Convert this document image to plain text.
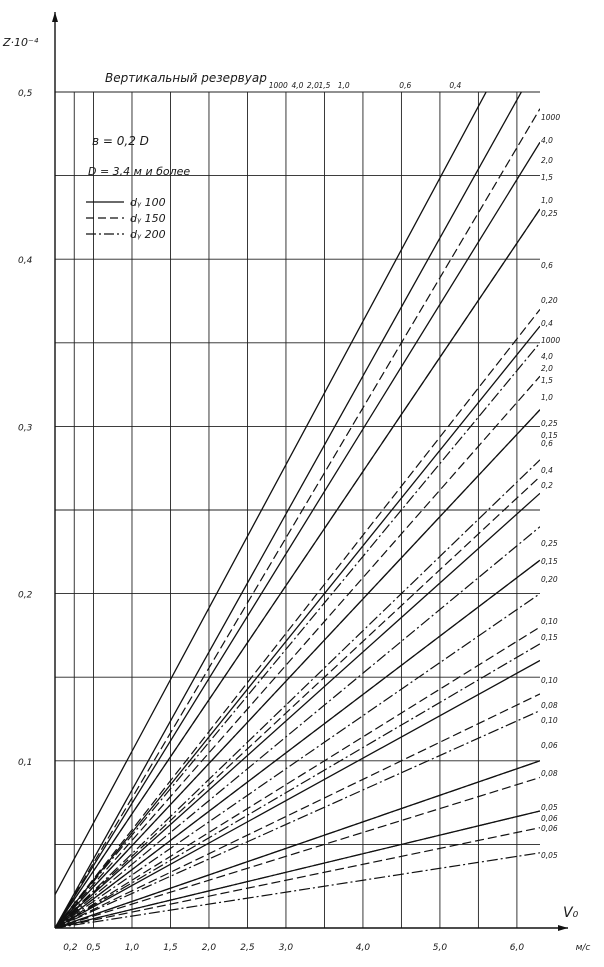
0,2 0,5	1,0	1,5	2,0	2,5	3,0	4,0	5,0	6,0	м/с
0,1
0,2
0,3
0,4
0,5
1000 4,0 2,0 1,5 1,0	0,6	0,4
1000
4,0
2,0
1,5
1,0
0,25
0,6
0,20
0,4
1000
4,0
2,0
1,5
1,0
0,25
0,15
0,6
0,4
0,2
0,25
0,15
0,20
0,10
0,15
0,10
0,08
0,10
0,06
0,08
0,05
0,06
0,06
0,05
Вертикальный резервуар
в = 0,2 D
D = 3,4 м и более
dᵧ 100
dᵧ 150
dᵧ 200
Z·10⁻⁴
V₀
